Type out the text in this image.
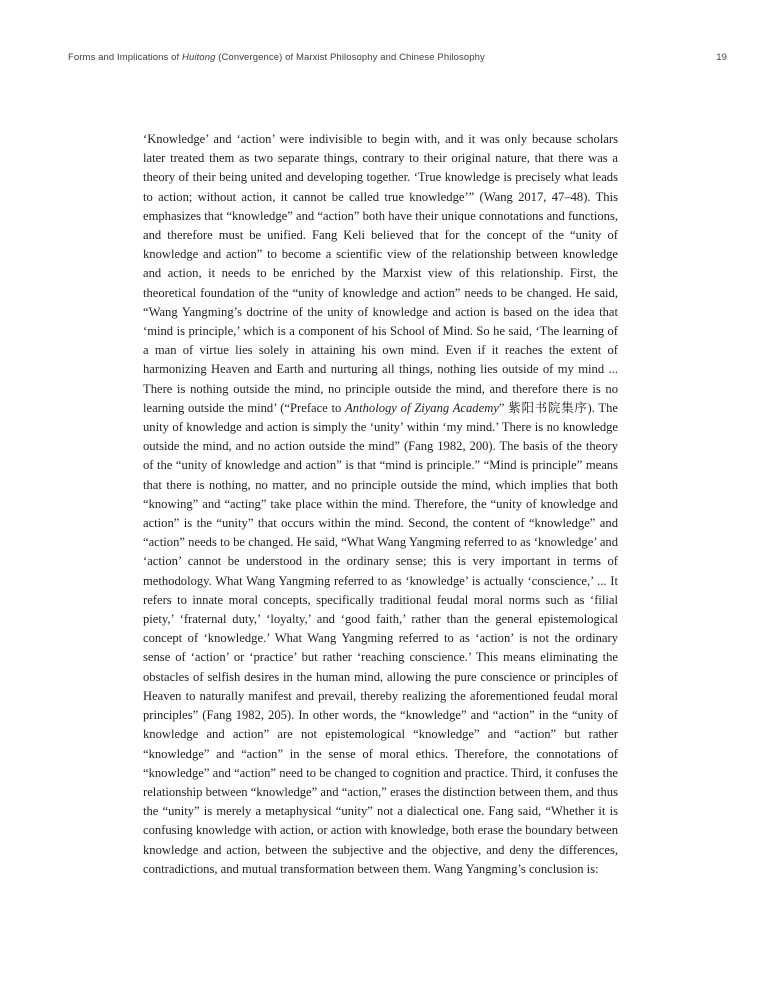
Forms and Implications of Huitong (Convergence) of Marxist Philosophy and Chinese Philosophy	19

‘Knowledge’ and ‘action’ were indivisible to begin with, and it was only because scholars later treated them as two separate things, contrary to their original nature, that there was a theory of their being united and developing together. ‘True knowledge is precisely what leads to action; without action, it cannot be called true knowledge’” (Wang 2017, 47–48). This emphasizes that “knowledge” and “action” both have their unique connotations and functions, and therefore must be unified. Fang Keli believed that for the concept of the “unity of knowledge and action” to become a scientific view of the relationship between knowledge and action, it needs to be enriched by the Marxist view of this relationship. First, the theoretical foundation of the “unity of knowledge and action” needs to be changed. He said, “Wang Yangming’s doctrine of the unity of knowledge and action is based on the idea that ‘mind is principle,’ which is a component of his School of Mind. So he said, ‘The learning of a man of virtue lies solely in attaining his own mind. Even if it reaches the extent of harmonizing Heaven and Earth and nurturing all things, nothing lies outside of my mind ... There is nothing outside the mind, no principle outside the mind, and therefore there is no learning outside the mind’ (“Preface to Anthology of Ziyang Academy” 紫阳书院集序). The unity of knowledge and action is simply the ‘unity’ within ‘my mind.’ There is no knowledge outside the mind, and no action outside the mind” (Fang 1982, 200). The basis of the theory of the “unity of knowledge and action” is that “mind is principle.” “Mind is principle” means that there is nothing, no matter, and no principle outside the mind, which implies that both “knowing” and “acting” take place within the mind. Therefore, the “unity of knowledge and action” is the “unity” that occurs within the mind. Second, the content of “knowledge” and “action” needs to be changed. He said, “What Wang Yangming referred to as ‘knowledge’ and ‘action’ cannot be understood in the ordinary sense; this is very important in terms of methodology. What Wang Yangming referred to as ‘knowledge’ is actually ‘conscience,’ ... It refers to innate moral concepts, specifically traditional feudal moral norms such as ‘filial piety,’ ‘fraternal duty,’ ‘loyalty,’ and ‘good faith,’ rather than the general epistemological concept of ‘knowledge.’ What Wang Yangming referred to as ‘action’ is not the ordinary sense of ‘action’ or ‘practice’ but rather ‘reaching conscience.’ This means eliminating the obstacles of selfish desires in the human mind, allowing the pure conscience or principles of Heaven to naturally manifest and prevail, thereby realizing the aforementioned feudal moral principles” (Fang 1982, 205). In other words, the “knowledge” and “action” in the “unity of knowledge and action” are not epistemological “knowledge” and “action” but rather “knowledge” and “action” in the sense of moral ethics. Therefore, the connotations of “knowledge” and “action” need to be changed to cognition and practice. Third, it confuses the relationship between “knowledge” and “action,” erases the distinction between them, and thus the “unity” is merely a metaphysical “unity” not a dialectical one. Fang said, “Whether it is confusing knowledge with action, or action with knowledge, both erase the boundary between knowledge and action, between the subjective and the objective, and deny the differences, contradictions, and mutual transformation between them. Wang Yangming’s conclusion is:
